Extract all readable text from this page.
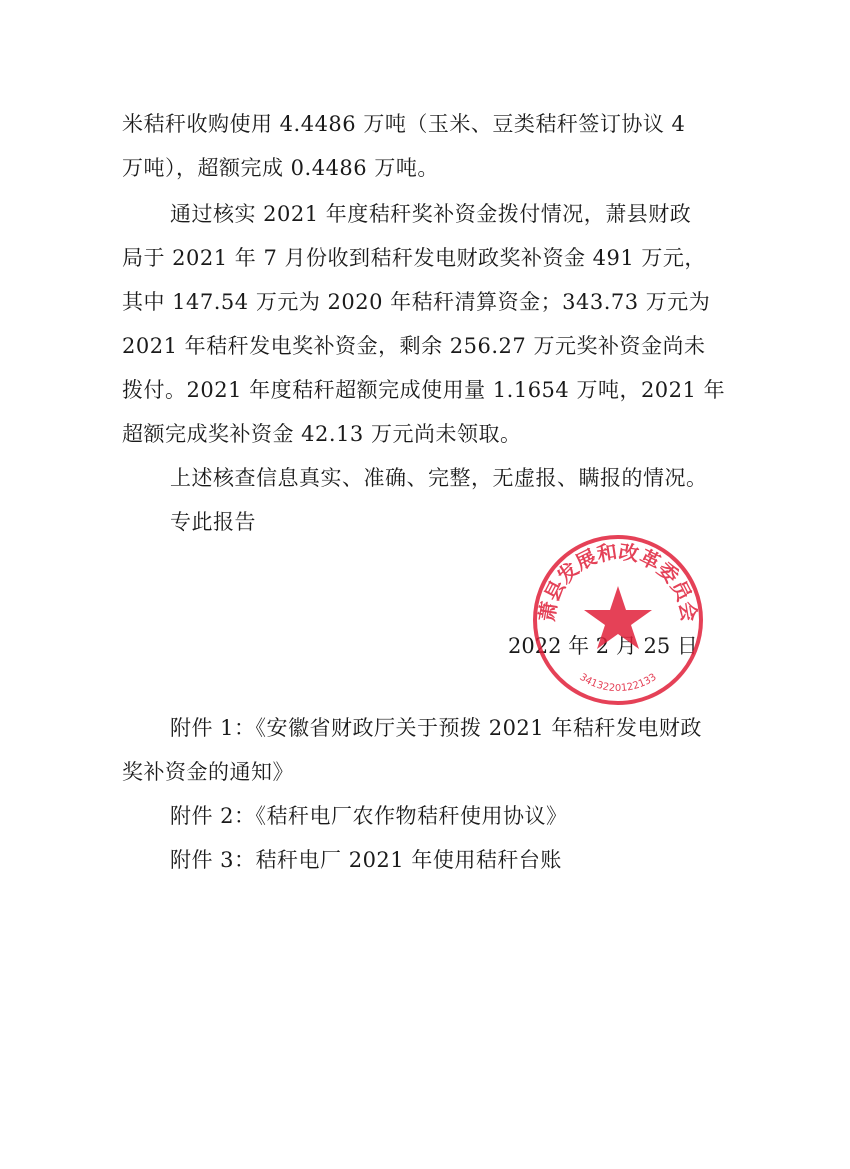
米秸秆收购使用 4.4486 万吨（玉米、豆类秸秆签订协议 4
万吨），超额完成 0.4486 万吨。
通过核实 2021 年度秸秆奖补资金拨付情况，萧县财政
局于 2021 年 7 月份收到秸秆发电财政奖补资金 491 万元，
其中 147.54 万元为 2020 年秸秆清算资金；343.73 万元为
2021 年秸秆发电奖补资金，剩余 256.27 万元奖补资金尚未
拨付。2021 年度秸秆超额完成使用量 1.1654 万吨，2021 年
超额完成奖补资金 42.13 万元尚未领取。
上述核查信息真实、准确、完整，无虚报、瞒报的情况。
专此报告
2022 年 2 月 25 日
萧县发展和改革委员会
3413220122133
附件 1：《安徽省财政厅关于预拨 2021 年秸秆发电财政
奖补资金的通知》
附件 2：《秸秆电厂农作物秸秆使用协议》
附件 3：秸秆电厂 2021 年使用秸秆台账
